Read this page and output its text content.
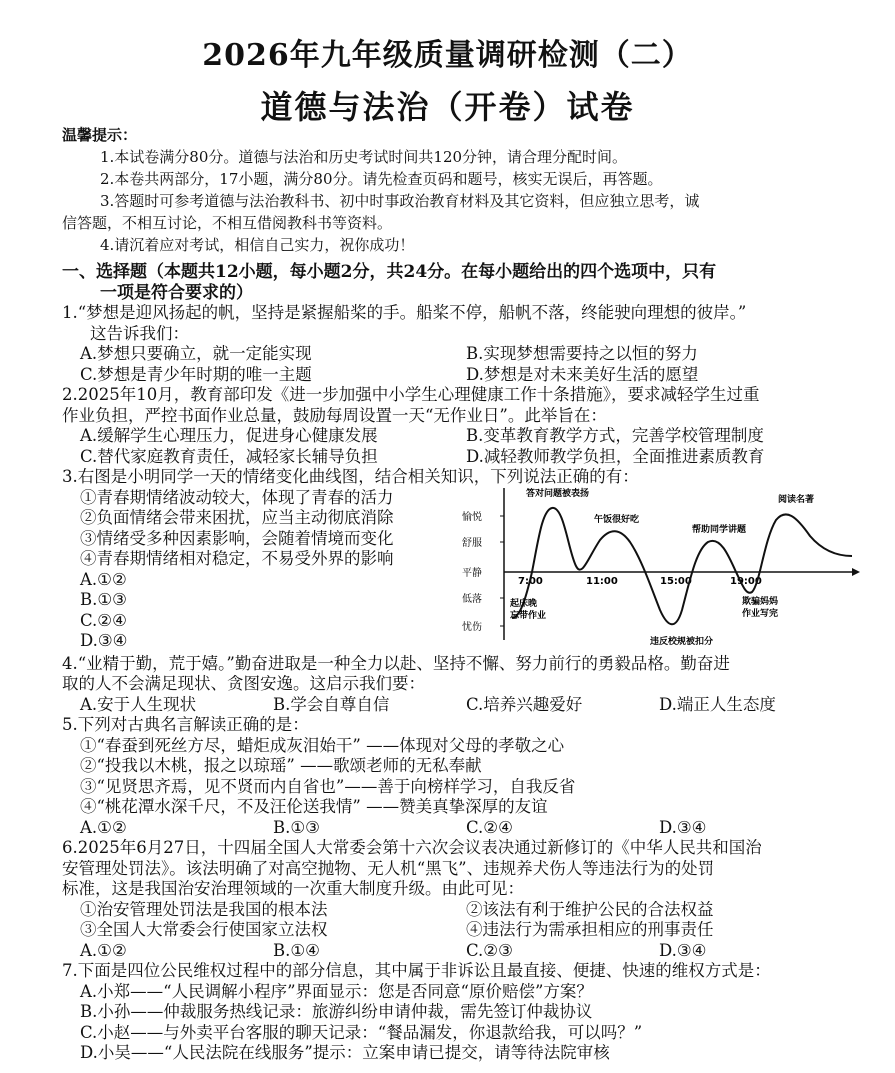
2026年九年级质量调研检测（二）
道德与法治（开卷）试卷
温馨提示：
1.本试卷满分80分。道德与法治和历史考试时间共120分钟，请合理分配时间。
2.本卷共两部分，17小题，满分80分。请先检查页码和题号，核实无误后，再答题。
3.答题时可参考道德与法治教科书、初中时事政治教育材料及其它资料，但应独立思考，诚
信答题，不相互讨论，不相互借阅教科书等资料。
4.请沉着应对考试，相信自己实力，祝你成功！
一、选择题（本题共12小题，每小题2分，共24分。在每小题给出的四个选项中，只有
一项是符合要求的）
1.“梦想是迎风扬起的帆，坚持是紧握船桨的手。船桨不停，船帆不落，终能驶向理想的彼岸。”
这告诉我们：
A.梦想只要确立，就一定能实现	B.实现梦想需要持之以恒的努力
C.梦想是青少年时期的唯一主题	D.梦想是对未来美好生活的愿望
2.2025年10月，教育部印发《进一步加强中小学生心理健康工作十条措施》，要求减轻学生过重
作业负担，严控书面作业总量，鼓励每周设置一天“无作业日”。此举旨在：
A.缓解学生心理压力，促进身心健康发展	B.变革教育教学方式，完善学校管理制度
C.替代家庭教育责任，减轻家长辅导负担	D.减轻教师教学负担，全面推进素质教育
3.右图是小明同学一天的情绪变化曲线图，结合相关知识，下列说法正确的有：
①青春期情绪波动较大，体现了青春的活力
②负面情绪会带来困扰，应当主动彻底消除
③情绪受多种因素影响，会随着情境而变化
④青春期情绪相对稳定，不易受外界的影响
A.①②
B.①③
C.②④
D.③④
愉悦
舒服
平静
低落
忧伤
7:00	11:00	15:00	19:00
答对问题被表扬
午饭很好吃
帮助同学讲题
阅读名著
起床晚
忘带作业
欺骗妈妈
作业写完
违反校规被扣分
4.“业精于勤，荒于嬉。”勤奋进取是一种全力以赴、坚持不懈、努力前行的勇毅品格。勤奋进
取的人不会满足现状、贪图安逸。这启示我们要：
A.安于人生现状	B.学会自尊自信	C.培养兴趣爱好	D.端正人生态度
5.下列对古典名言解读正确的是：
①“春蚕到死丝方尽，蜡炬成灰泪始干” ——体现对父母的孝敬之心
②“投我以木桃，报之以琼瑶” ——歌颂老师的无私奉献
③“见贤思齐焉，见不贤而内自省也”——善于向榜样学习，自我反省
④“桃花潭水深千尺，不及汪伦送我情” ——赞美真挚深厚的友谊
A.①②	B.①③	C.②④	D.③④
6.2025年6月27日，十四届全国人大常委会第十六次会议表决通过新修订的《中华人民共和国治
安管理处罚法》。该法明确了对高空抛物、无人机“黑飞”、违规养犬伤人等违法行为的处罚
标准，这是我国治安治理领域的一次重大制度升级。由此可见：
①治安管理处罚法是我国的根本法	②该法有利于维护公民的合法权益
③全国人大常委会行使国家立法权	④违法行为需承担相应的刑事责任
A.①②	B.①④	C.②③	D.③④
7.下面是四位公民维权过程中的部分信息，其中属于非诉讼且最直接、便捷、快速的维权方式是：
A.小郑——“人民调解小程序”界面显示：您是否同意“原价赔偿”方案？
B.小孙——仲裁服务热线记录：旅游纠纷申请仲裁，需先签订仲裁协议
C.小赵——与外卖平台客服的聊天记录：“餐品漏发，你退款给我，可以吗？”
D.小吴——“人民法院在线服务”提示：立案申请已提交，请等待法院审核
